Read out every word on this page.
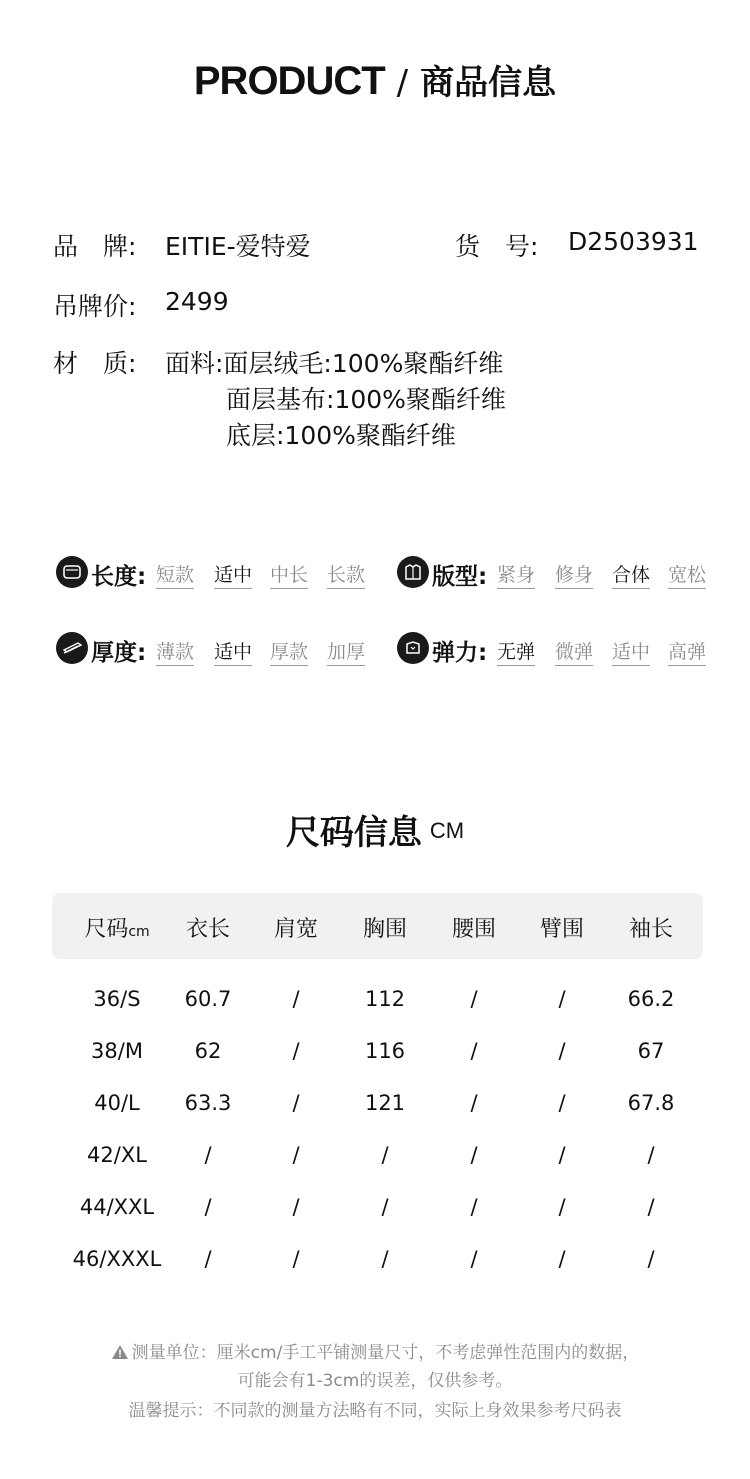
PRODUCT / 商品信息
品　牌: EITIE-爱特爱	货　号: D2503931
吊牌价: 2499
材　质: 面料:面层绒毛:100%聚酯纤维
面层基布:100%聚酯纤维
底层:100%聚酯纤维
长度: 短款 适中 中长 长款	版型: 紧身 修身 合体 宽松
厚度: 薄款 适中 厚款 加厚	弹力: 无弹 微弹 适中 高弹
尺码信息 CM
尺码cm	衣长	肩宽	胸围	腰围	臂围	袖长
36/S	60.7	/	112	/	/	66.2
38/M	62	/	116	/	/	67
40/L	63.3	/	121	/	/	67.8
42/XL	/	/	/	/	/	/
44/XXL	/	/	/	/	/	/
46/XXXL	/	/	/	/	/	/
测量单位：厘米cm/手工平铺测量尺寸，不考虑弹性范围内的数据，
可能会有1-3cm的误差，仅供参考。
温馨提示：不同款的测量方法略有不同，实际上身效果参考尺码表
